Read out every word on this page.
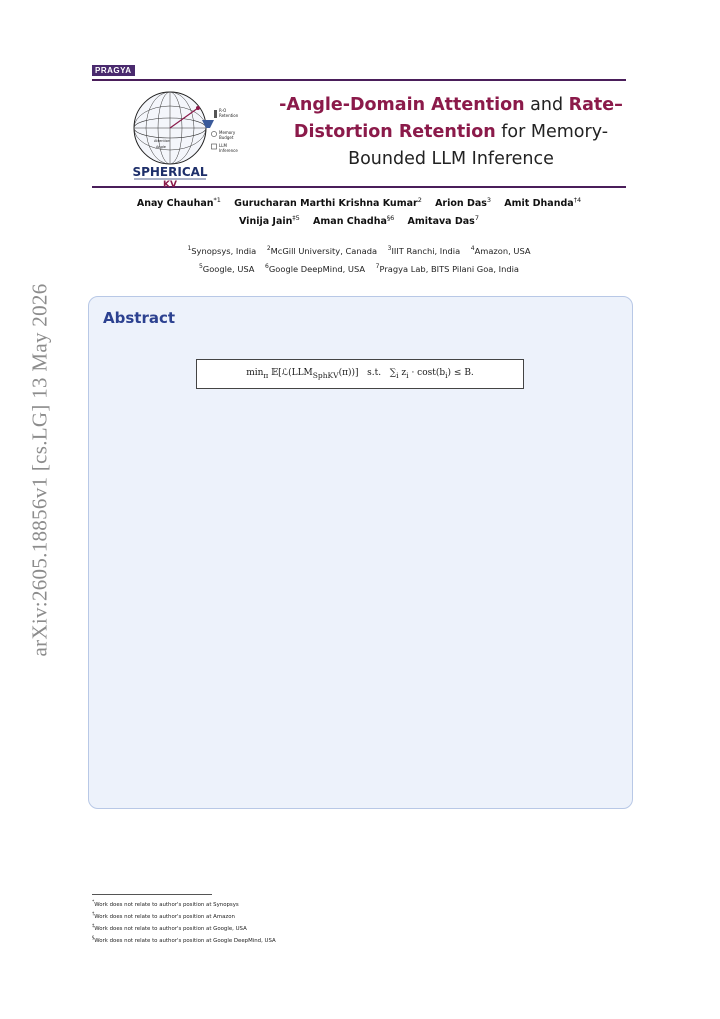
arXiv:2605.18856v1 [cs.LG] 13 May 2026
PRAGYA
R-O
Retention
Memory
Budget
LLM
Inference
Attention
Angle
SPHERICAL
KV
-Angle-Domain Attention and Rate–Distortion Retention for Memory-Bounded LLM Inference
Anay Chauhan$^{*1}$ Gurucharan Marthi Krishna Kumar$^2$ Arion Das$^3$ Amit Dhanda$^{\dagger 4}$
Vinija Jain$^{\ddagger 5}$ Aman Chadha$^{\S 6}$ Amitava Das$^7$
$^1$Synopsys, India $^2$McGill University, Canada $^3$IIIT Ranchi, India $^4$Amazon, USA
$^5$Google, USA $^6$Google DeepMind, USA $^7$Pragya Lab, BITS Pilani Goa, India
Abstract
$\min_\pi$ $𝔼[ℒ(LLM_{SphKV}(\pi))]$ s.t. $\sum_i$ $z_i \cdot \cos t(b_i) \le B$.
*Work does not relate to author's position at Synopsys
†Work does not relate to author's position at Amazon
‡Work does not relate to author's position at Google, USA
§Work does not relate to author's position at Google DeepMind, USA
